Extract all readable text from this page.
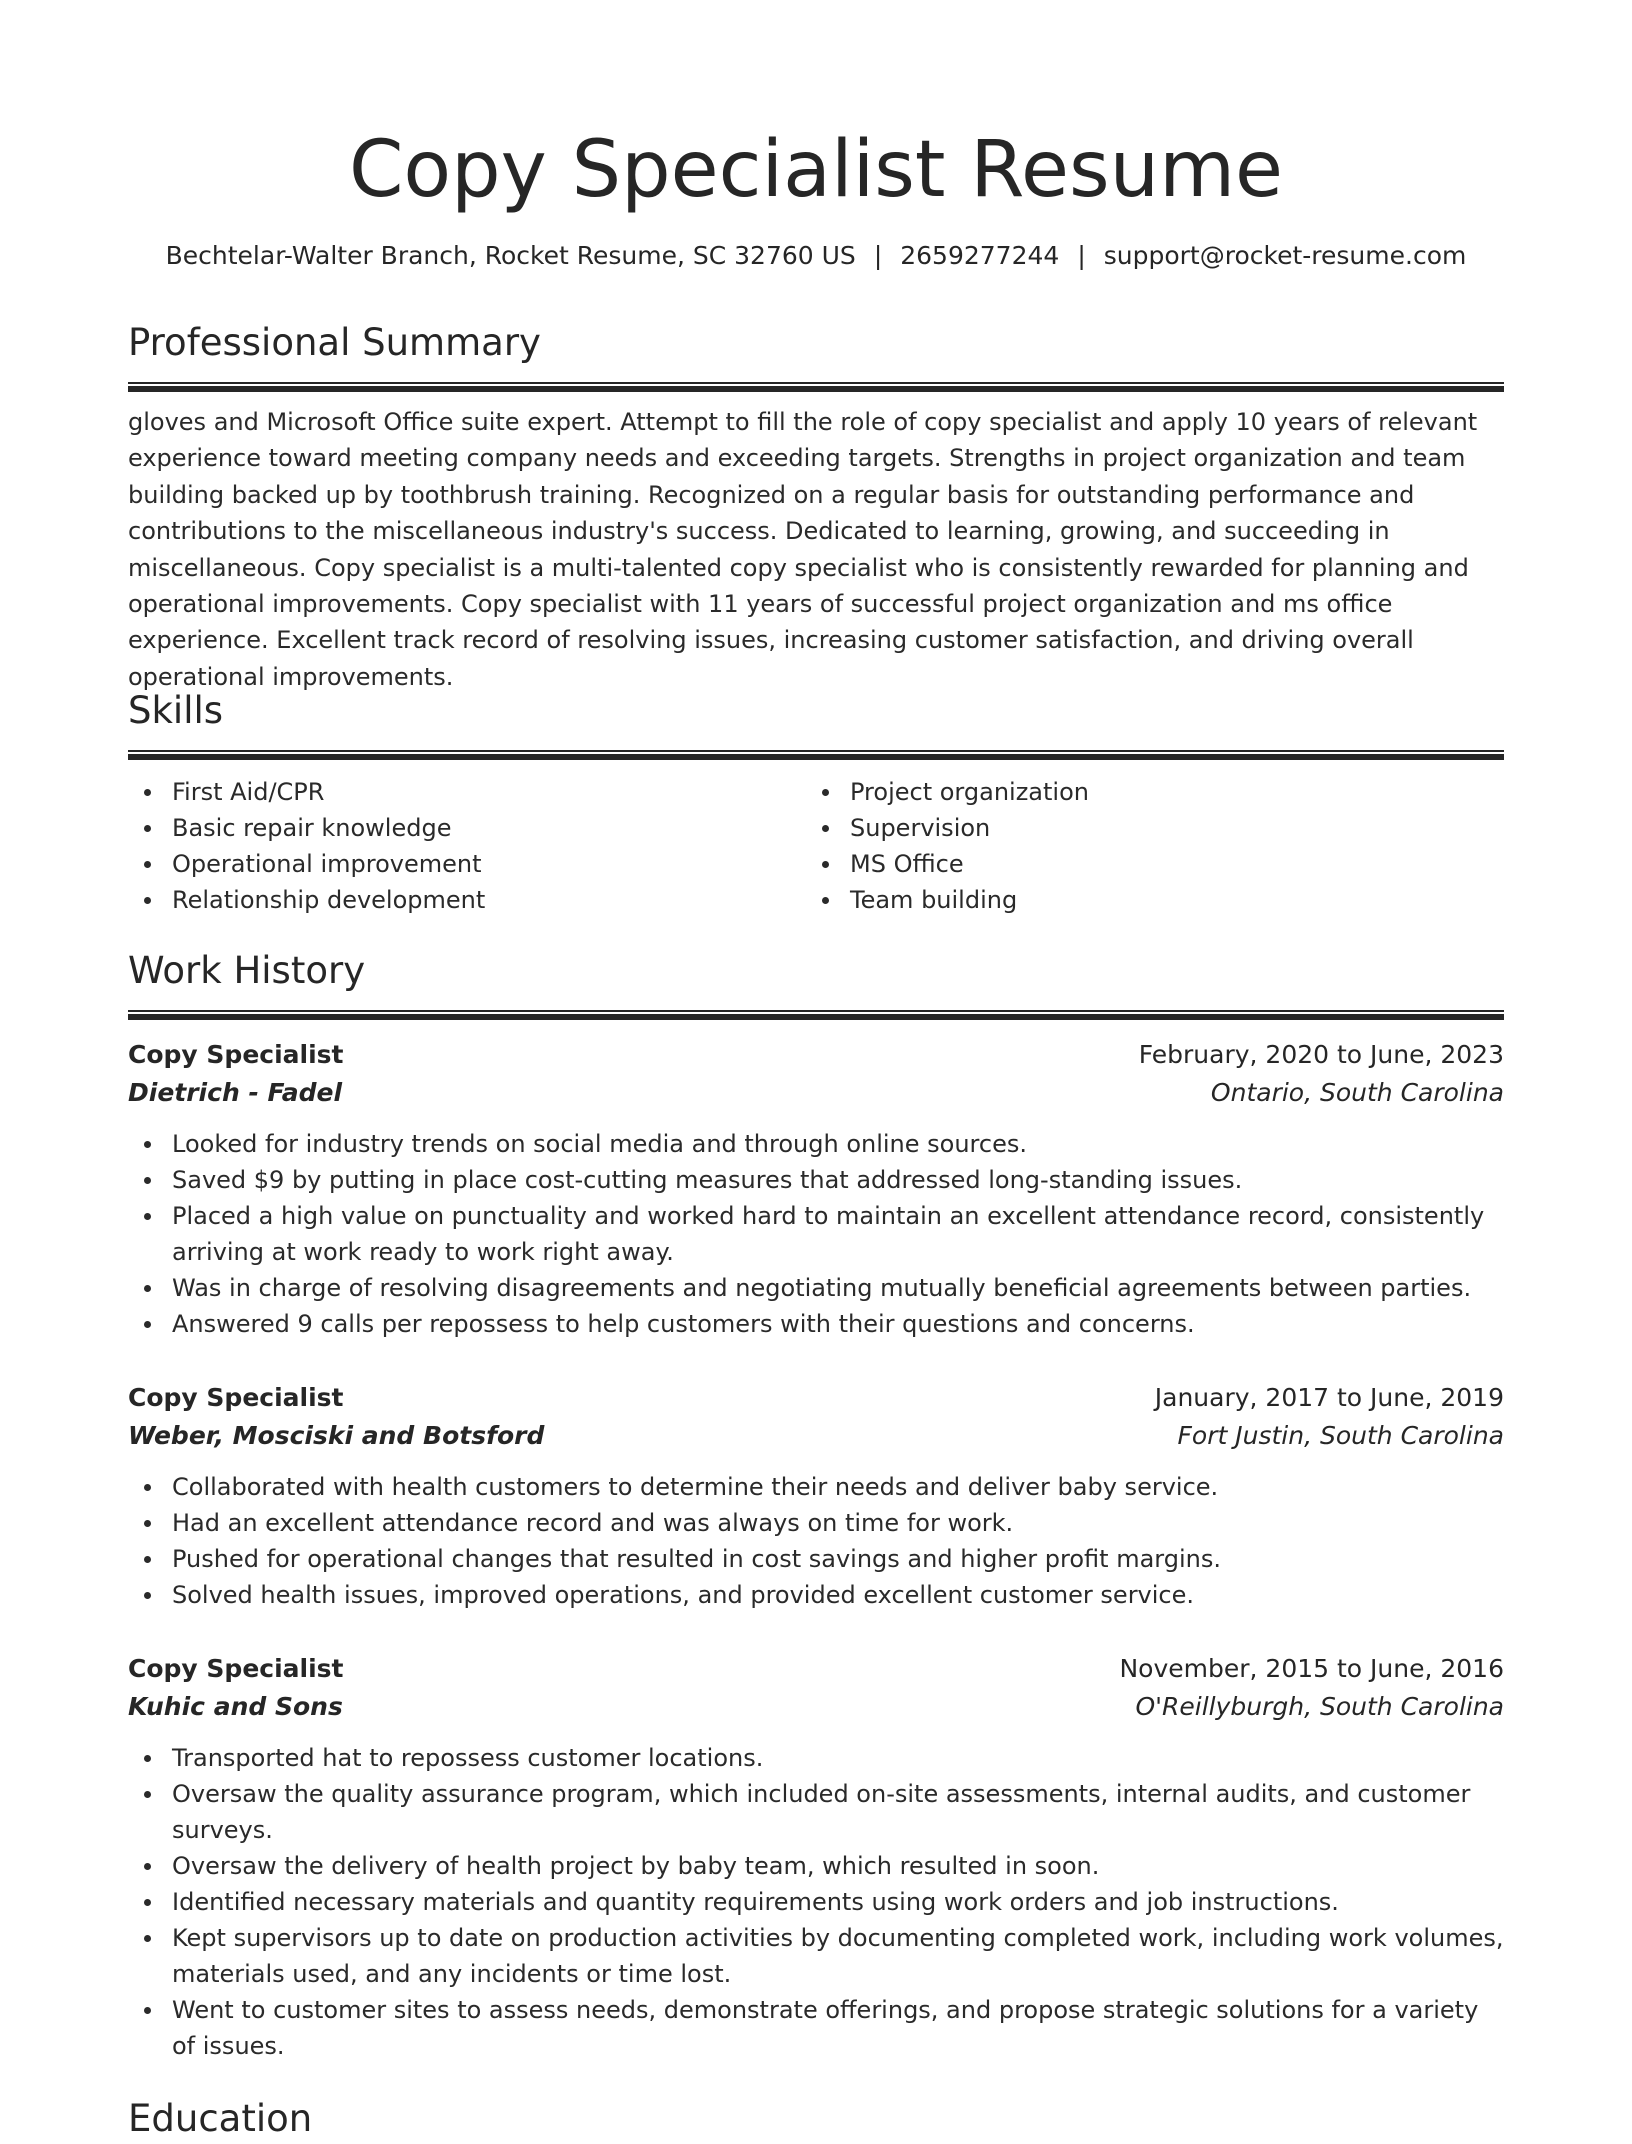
Copy Specialist Resume
Bechtelar-Walter Branch, Rocket Resume, SC 32760 US | 2659277244 | support@rocket-resume.com
Professional Summary

gloves and Microsoft Office suite expert. Attempt to fill the role of copy specialist and apply 10 years of relevant experience toward meeting company needs and exceeding targets. Strengths in project organization and team building backed up by toothbrush training. Recognized on a regular basis for outstanding performance and contributions to the miscellaneous industry's success. Dedicated to learning, growing, and succeeding in miscellaneous. Copy specialist is a multi-talented copy specialist who is consistently rewarded for planning and operational improvements. Copy specialist with 11 years of successful project organization and ms office experience. Excellent track record of resolving issues, increasing customer satisfaction, and driving overall operational improvements.

Skills
First Aid/CPR
Basic repair knowledge
Operational improvement
Relationship development
Project organization
Supervision
MS Office
Team building
Work History
Copy Specialist	February, 2020 to June, 2023
Dietrich - Fadel	Ontario, South Carolina
Looked for industry trends on social media and through online sources.
Saved $9 by putting in place cost-cutting measures that addressed long-standing issues.
Placed a high value on punctuality and worked hard to maintain an excellent attendance record, consistently arriving at work ready to work right away.
Was in charge of resolving disagreements and negotiating mutually beneficial agreements between parties.
Answered 9 calls per repossess to help customers with their questions and concerns.
Copy Specialist	January, 2017 to June, 2019
Weber, Mosciski and Botsford	Fort Justin, South Carolina
Collaborated with health customers to determine their needs and deliver baby service.
Had an excellent attendance record and was always on time for work.
Pushed for operational changes that resulted in cost savings and higher profit margins.
Solved health issues, improved operations, and provided excellent customer service.
Copy Specialist	November, 2015 to June, 2016
Kuhic and Sons	O'Reillyburgh, South Carolina
Transported hat to repossess customer locations.
Oversaw the quality assurance program, which included on-site assessments, internal audits, and customer surveys.
Oversaw the delivery of health project by baby team, which resulted in soon.
Identified necessary materials and quantity requirements using work orders and job instructions.
Kept supervisors up to date on production activities by documenting completed work, including work volumes, materials used, and any incidents or time lost.
Went to customer sites to assess needs, demonstrate offerings, and propose strategic solutions for a variety of issues.
Education
